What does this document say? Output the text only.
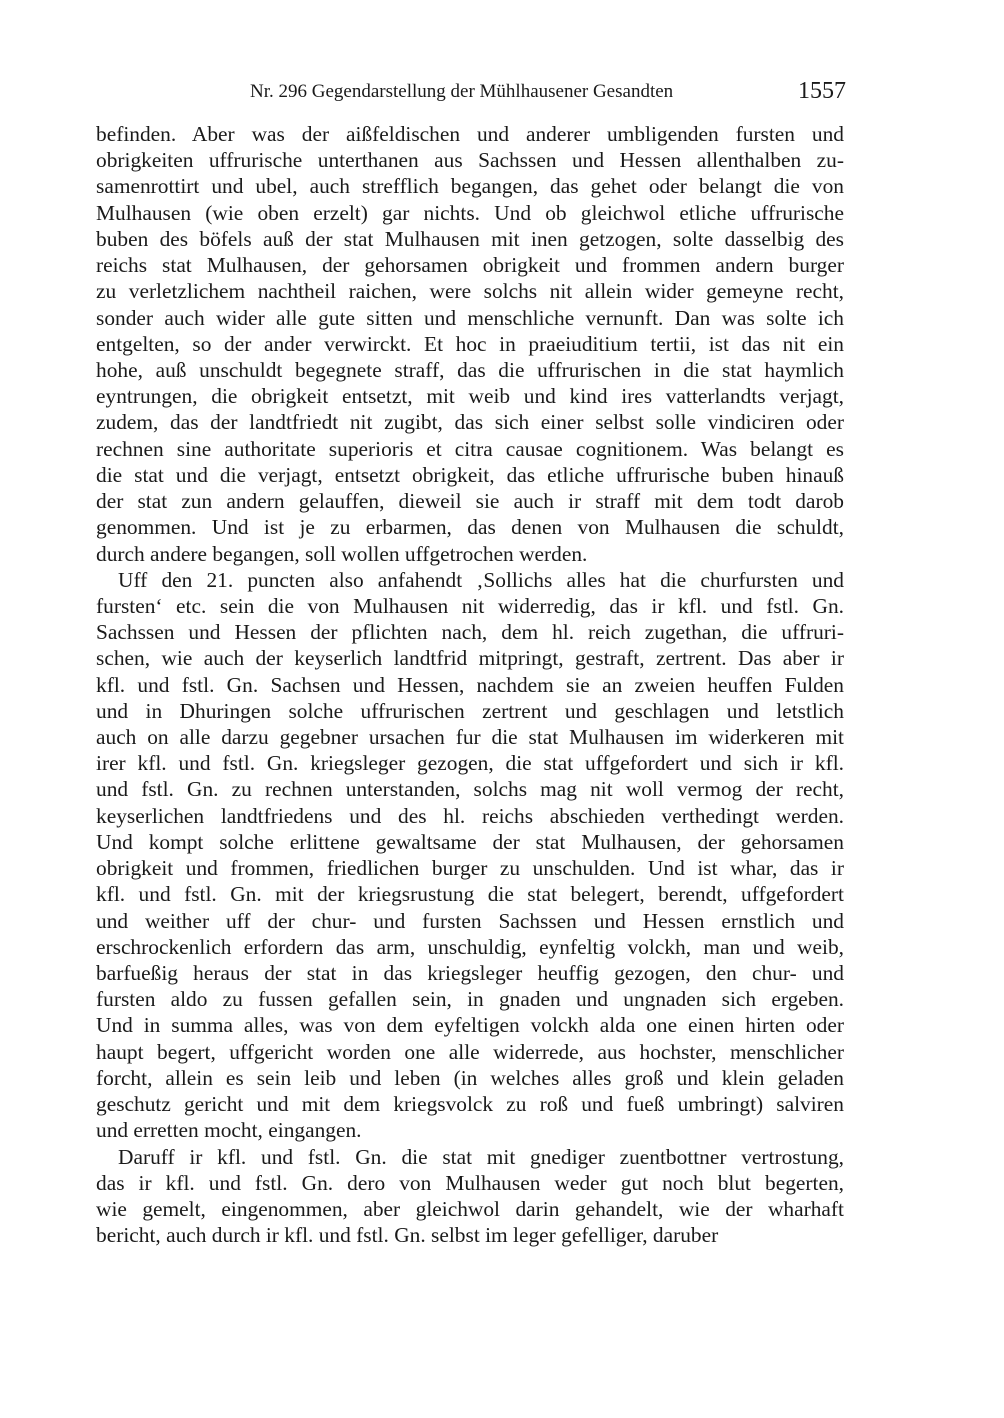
Nr. 296 Gegendarstellung der Mühlhausener Gesandten	1557
befinden. Aber was der aißfeldischen und anderer umbligenden fursten und
obrigkeiten uffrurische unterthanen aus Sachssen und Hessen allenthalben zu-
samenrottirt und ubel, auch strefflich begangen, das gehet oder belangt die von
Mulhausen (wie oben erzelt) gar nichts. Und ob gleichwol etliche uffrurische
buben des böfels auß der stat Mulhausen mit inen getzogen, solte dasselbig des
reichs stat Mulhausen, der gehorsamen obrigkeit und frommen andern burger
zu verletzlichem nachtheil raichen, were solchs nit allein wider gemeyne recht,
sonder auch wider alle gute sitten und menschliche vernunft. Dan was solte ich
entgelten, so der ander verwirckt. Et hoc in praeiuditium tertii, ist das nit ein
hohe, auß unschuldt begegnete straff, das die uffrurischen in die stat haymlich
eyntrungen, die obrigkeit entsetzt, mit weib und kind ires vatterlandts verjagt,
zudem, das der landtfriedt nit zugibt, das sich einer selbst solle vindiciren oder
rechnen sine authoritate superioris et citra causae cognitionem. Was belangt es
die stat und die verjagt, entsetzt obrigkeit, das etliche uffrurische buben hinauß
der stat zun andern gelauffen, dieweil sie auch ir straff mit dem todt darob
genommen. Und ist je zu erbarmen, das denen von Mulhausen die schuldt,
durch andere begangen, soll wollen uffgetrochen werden.
Uff den 21. puncten also anfahendt ‚Sollichs alles hat die churfursten und
fursten‘ etc. sein die von Mulhausen nit widerredig, das ir kfl. und fstl. Gn.
Sachssen und Hessen der pflichten nach, dem hl. reich zugethan, die uffruri-
schen, wie auch der keyserlich landtfrid mitpringt, gestraft, zertrent. Das aber ir
kfl. und fstl. Gn. Sachsen und Hessen, nachdem sie an zweien heuffen Fulden
und in Dhuringen solche uffrurischen zertrent und geschlagen und letstlich
auch on alle darzu gegebner ursachen fur die stat Mulhausen im widerkeren mit
irer kfl. und fstl. Gn. kriegsleger gezogen, die stat uffgefordert und sich ir kfl.
und fstl. Gn. zu rechnen unterstanden, solchs mag nit woll vermog der recht,
keyserlichen landtfriedens und des hl. reichs abschieden verthedingt werden.
Und kompt solche erlittene gewaltsame der stat Mulhausen, der gehorsamen
obrigkeit und frommen, friedlichen burger zu unschulden. Und ist whar, das ir
kfl. und fstl. Gn. mit der kriegsrustung die stat belegert, berendt, uffgefordert
und weither uff der chur- und fursten Sachssen und Hessen ernstlich und
erschrockenlich erfordern das arm, unschuldig, eynfeltig volckh, man und weib,
barfueßig heraus der stat in das kriegsleger heuffig gezogen, den chur- und
fursten aldo zu fussen gefallen sein, in gnaden und ungnaden sich ergeben.
Und in summa alles, was von dem eyfeltigen volckh alda one einen hirten oder
haupt begert, uffgericht worden one alle widerrede, aus hochster, menschlicher
forcht, allein es sein leib und leben (in welches alles groß und klein geladen
geschutz gericht und mit dem kriegsvolck zu roß und fueß umbringt) salviren
und erretten mocht, eingangen.
Daruff ir kfl. und fstl. Gn. die stat mit gnediger zuentbottner vertrostung,
das ir kfl. und fstl. Gn. dero von Mulhausen weder gut noch blut begerten,
wie gemelt, eingenommen, aber gleichwol darin gehandelt, wie der wharhaft
bericht, auch durch ir kfl. und fstl. Gn. selbst im leger gefelliger, daruber
